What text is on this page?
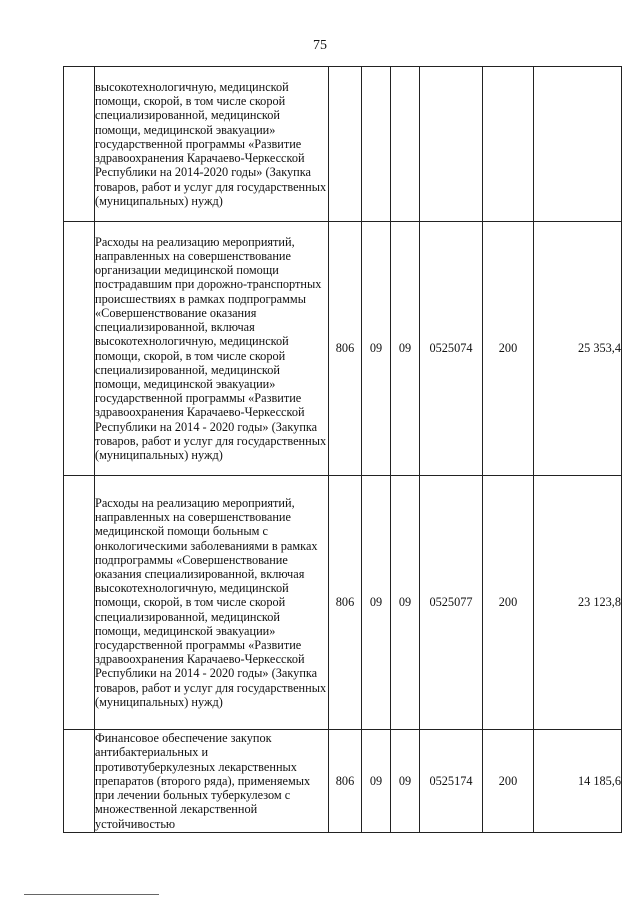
75
	высокотехнологичную, медицинской помощи, скорой, в том числе скорой специализированной, медицинской помощи, медицинской эвакуации» государственной программы «Развитие здравоохранения Карачаево-Черкесской Республики на 2014-2020 годы» (Закупка товаров, работ и услуг для государственных (муниципальных) нужд)						
	Расходы на реализацию мероприятий, направленных на совершенствование организации медицинской помощи пострадавшим при дорожно-транспортных происшествиях в рамках подпрограммы «Совершенствование оказания специализированной, включая высокотехнологичную, медицинской помощи, скорой, в том числе скорой специализированной, медицинской помощи, медицинской эвакуации» государственной программы «Развитие здравоохранения Карачаево-Черкесской Республики на 2014 - 2020 годы» (Закупка товаров, работ и услуг для государственных (муниципальных) нужд)	806	09	09	0525074	200	25 353,4
	Расходы на реализацию мероприятий, направленных на совершенствование медицинской помощи больным с онкологическими заболеваниями в рамках подпрограммы «Совершенствование оказания специализированной, включая высокотехнологичную, медицинской помощи, скорой, в том числе скорой специализированной, медицинской помощи, медицинской эвакуации» государственной программы «Развитие здравоохранения Карачаево-Черкесской Республики на 2014 - 2020 годы» (Закупка товаров, работ и услуг для государственных (муниципальных) нужд)	806	09	09	0525077	200	23 123,8
	Финансовое обеспечение закупок антибактериальных и противотуберкулезных лекарственных препаратов (второго ряда), применяемых при лечении больных туберкулезом с множественной лекарственной устойчивостью	806	09	09	0525174	200	14 185,6
